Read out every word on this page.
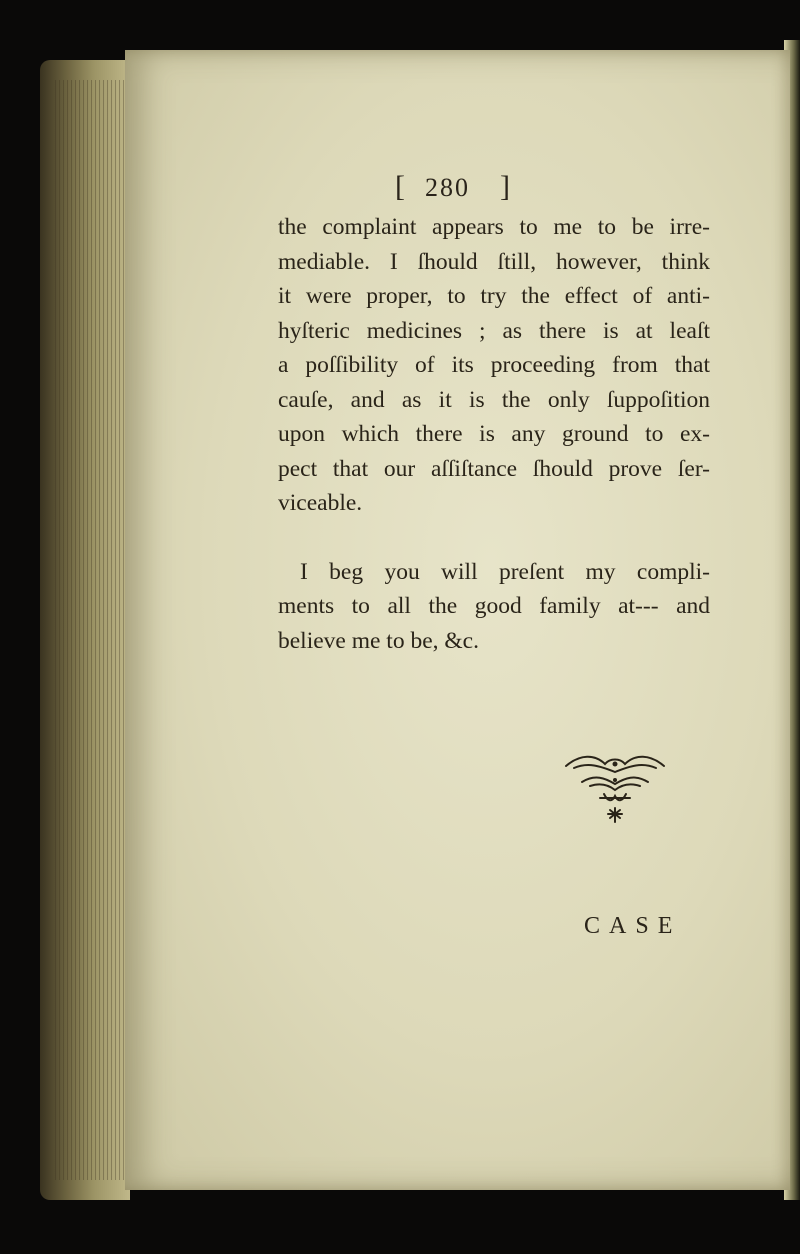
[ 280 ]
the complaint appears to me to be irre-
mediable. I ſhould ſtill, however, think
it were proper, to try the effect of anti-
hyſteric medicines ; as there is at leaſt
a poſſibility of its proceeding from that
cauſe, and as it is the only ſuppoſition
upon which there is any ground to ex-
pect that our aſſiſtance ſhould prove ſer-
viceable.
I beg you will preſent my compli-
ments to all the good family at--- and
believe me to be, &c.
CASE
